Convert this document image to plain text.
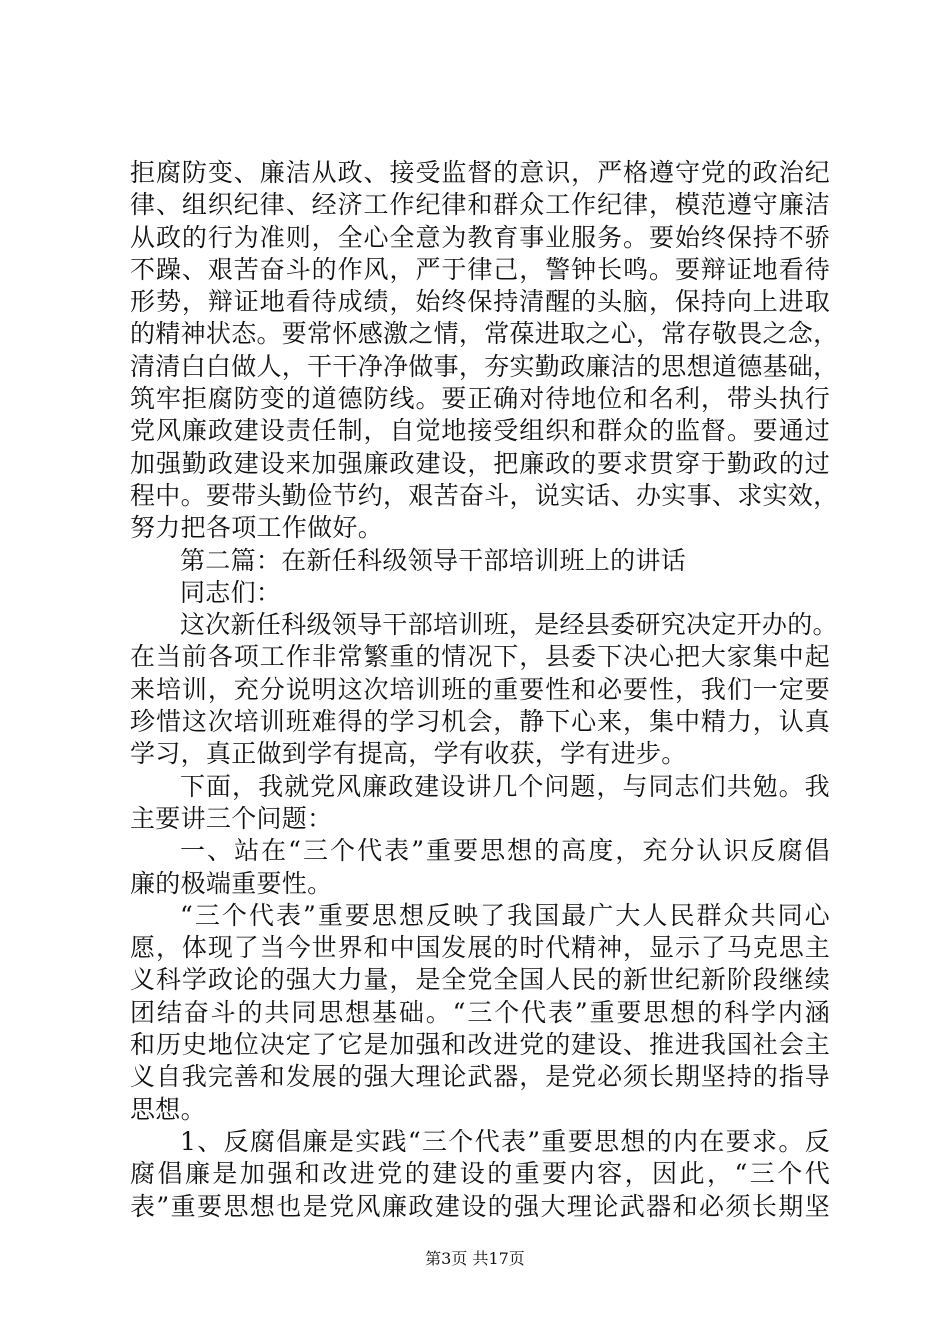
拒腐防变、廉洁从政、接受监督的意识，严格遵守党的政治纪
律、组织纪律、经济工作纪律和群众工作纪律，模范遵守廉洁
从政的行为准则，全心全意为教育事业服务。要始终保持不骄
不躁、艰苦奋斗的作风，严于律己，警钟长鸣。要辩证地看待
形势，辩证地看待成绩，始终保持清醒的头脑，保持向上进取
的精神状态。要常怀感激之情，常葆进取之心，常存敬畏之念，
清清白白做人，干干净净做事，夯实勤政廉洁的思想道德基础，
筑牢拒腐防变的道德防线。要正确对待地位和名利，带头执行
党风廉政建设责任制，自觉地接受组织和群众的监督。要通过
加强勤政建设来加强廉政建设，把廉政的要求贯穿于勤政的过
程中。要带头勤俭节约，艰苦奋斗，说实话、办实事、求实效，
努力把各项工作做好。
第二篇：在新任科级领导干部培训班上的讲话
同志们：
这次新任科级领导干部培训班，是经县委研究决定开办的。
在当前各项工作非常繁重的情况下，县委下决心把大家集中起
来培训，充分说明这次培训班的重要性和必要性，我们一定要
珍惜这次培训班难得的学习机会，静下心来，集中精力，认真
学习，真正做到学有提高，学有收获，学有进步。
下面，我就党风廉政建设讲几个问题，与同志们共勉。我
主要讲三个问题：
一、站在“三个代表”重要思想的高度，充分认识反腐倡
廉的极端重要性。
“三个代表”重要思想反映了我国最广大人民群众共同心
愿，体现了当今世界和中国发展的时代精神，显示了马克思主
义科学政论的强大力量，是全党全国人民的新世纪新阶段继续
团结奋斗的共同思想基础。“三个代表”重要思想的科学内涵
和历史地位决定了它是加强和改进党的建设、推进我国社会主
义自我完善和发展的强大理论武器，是党必须长期坚持的指导
思想。
1、反腐倡廉是实践“三个代表”重要思想的内在要求。反
腐倡廉是加强和改进党的建设的重要内容，因此，“三个代
表”重要思想也是党风廉政建设的强大理论武器和必须长期坚
第3页 共17页
